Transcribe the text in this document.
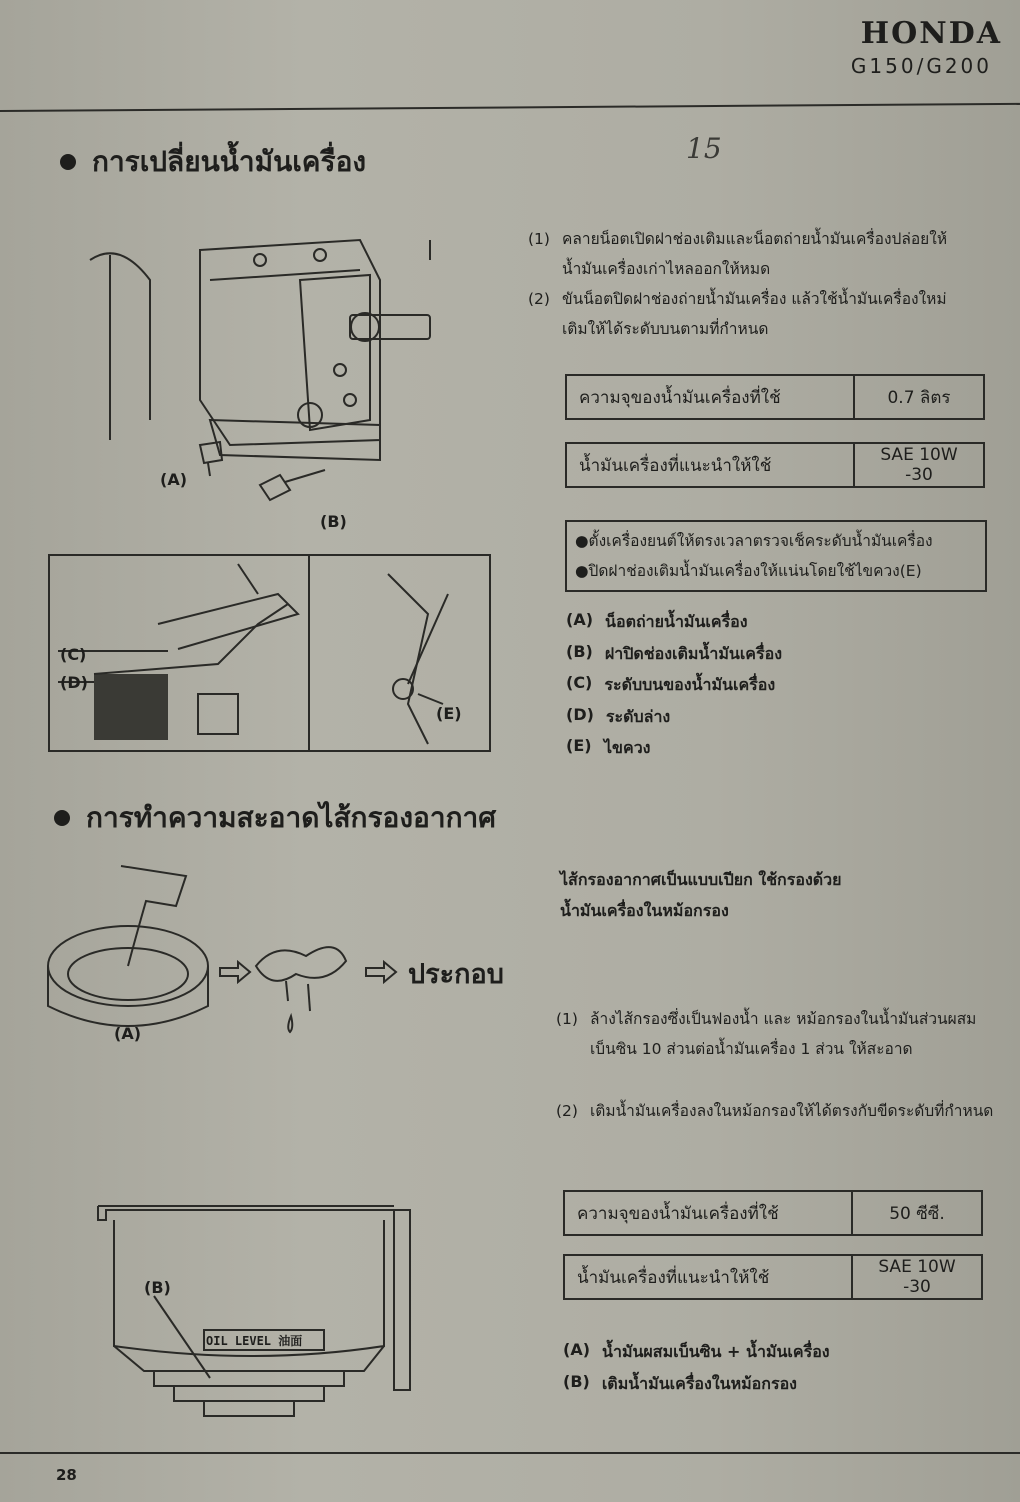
HONDA
G150/G200
15
การเปลี่ยนน้ำมันเครื่อง
(1) คลายน็อตเปิดฝาช่องเติมและน็อตถ่ายน้ำมันเครื่องปล่อยให้น้ำมันเครื่องเก่าไหลออกให้หมด
(2) ขันน็อตปิดฝาช่องถ่ายน้ำมันเครื่อง แล้วใช้น้ำมันเครื่องใหม่เติมให้ได้ระดับบนตามที่กำหนด
ความจุของน้ำมันเครื่องที่ใช้	0.7 ลิตร
น้ำมันเครื่องที่แนะนำให้ใช้	SAE 10W -30
●ตั้งเครื่องยนต์ให้ตรงเวลาตรวจเช็คระดับน้ำมันเครื่อง
●ปิดฝาช่องเติมน้ำมันเครื่องให้แน่นโดยใช้ไขควง(E)
(A) น็อตถ่ายน้ำมันเครื่อง
(B) ฝาปิดช่องเติมน้ำมันเครื่อง
(C) ระดับบนของน้ำมันเครื่อง
(D) ระดับล่าง
(E) ไขควง
(A)
(B)
(C)
(D)
(E)
การทำความสะอาดไส้กรองอากาศ
ไส้กรองอากาศเป็นแบบเปียก ใช้กรองด้วยน้ำมันเครื่องในหม้อกรอง
ประกอบ
(A)
(1) ล้างไส้กรองซึ่งเป็นฟองน้ำ และ หม้อกรองในน้ำมันส่วนผสมเบ็นซิน 10 ส่วนต่อน้ำมันเครื่อง 1 ส่วน ให้สะอาด
(2) เติมน้ำมันเครื่องลงในหม้อกรองให้ได้ตรงกับขีดระดับที่กำหนด
ความจุของน้ำมันเครื่องที่ใช้	50 ซีซี.
น้ำมันเครื่องที่แนะนำให้ใช้	SAE 10W -30
(A) น้ำมันผสมเบ็นซิน + น้ำมันเครื่อง
(B) เติมน้ำมันเครื่องในหม้อกรอง
(B)
OIL LEVEL 油面
28
